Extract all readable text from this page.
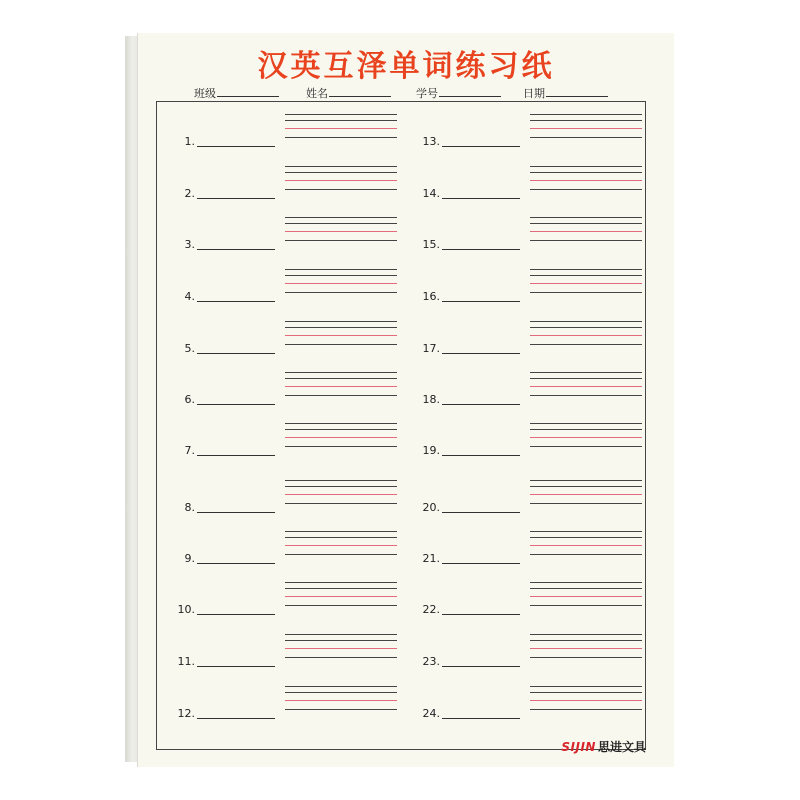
汉英互泽单词练习纸
班级	姓名	学号	日期
1.	13.
2.	14.
3.	15.
4.	16.
5.	17.
6.	18.
7.	19.
8.	20.
9.	21.
10.	22.
11.	23.
12.	24.
SIJIN 思进文具
